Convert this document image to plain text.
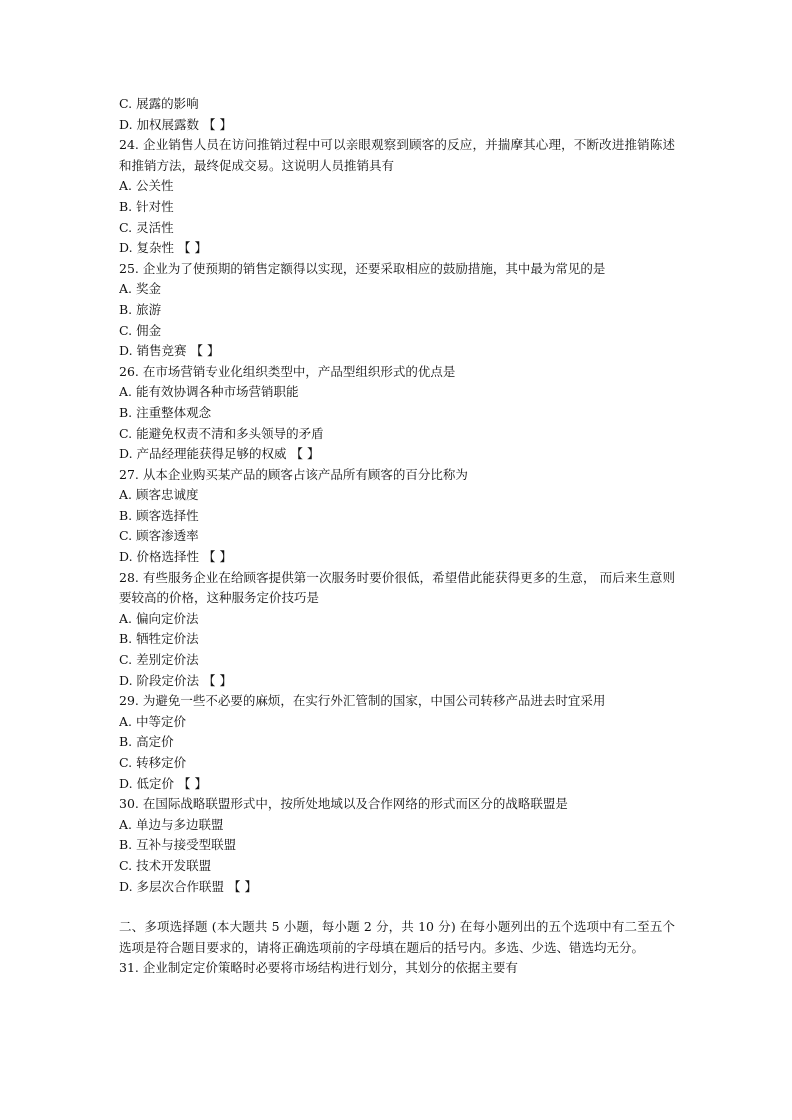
C. 展露的影响
D. 加权展露数 【 】
24. 企业销售人员在访问推销过程中可以亲眼观察到顾客的反应，并揣摩其心理，不断改进推销陈述和推销方法，最终促成交易。这说明人员推销具有
A. 公关性
B. 针对性
C. 灵活性
D. 复杂性 【 】
25. 企业为了使预期的销售定额得以实现，还要采取相应的鼓励措施，其中最为常见的是
A. 奖金
B. 旅游
C. 佣金
D. 销售竞赛 【 】
26. 在市场营销专业化组织类型中，产品型组织形式的优点是
A. 能有效协调各种市场营销职能
B. 注重整体观念
C. 能避免权责不清和多头领导的矛盾
D. 产品经理能获得足够的权威 【 】
27. 从本企业购买某产品的顾客占该产品所有顾客的百分比称为
A. 顾客忠诚度
B. 顾客选择性
C. 顾客渗透率
D. 价格选择性 【 】
28. 有些服务企业在给顾客提供第一次服务时要价很低，希望借此能获得更多的生意， 而后来生意则要较高的价格，这种服务定价技巧是
A. 偏向定价法
B. 牺牲定价法
C. 差别定价法
D. 阶段定价法 【 】
29. 为避免一些不必要的麻烦，在实行外汇管制的国家，中国公司转移产品进去时宜采用
A. 中等定价
B. 高定价
C. 转移定价
D. 低定价 【 】
30. 在国际战略联盟形式中，按所处地域以及合作网络的形式而区分的战略联盟是
A. 单边与多边联盟
B. 互补与接受型联盟
C. 技术开发联盟
D. 多层次合作联盟 【 】
二、多项选择题 (本大题共 5 小题，每小题 2 分，共 10 分) 在每小题列出的五个选项中有二至五个选项是符合题目要求的，请将正确选项前的字母填在题后的括号内。多选、少选、错选均无分。
31. 企业制定定价策略时必要将市场结构进行划分，其划分的依据主要有
